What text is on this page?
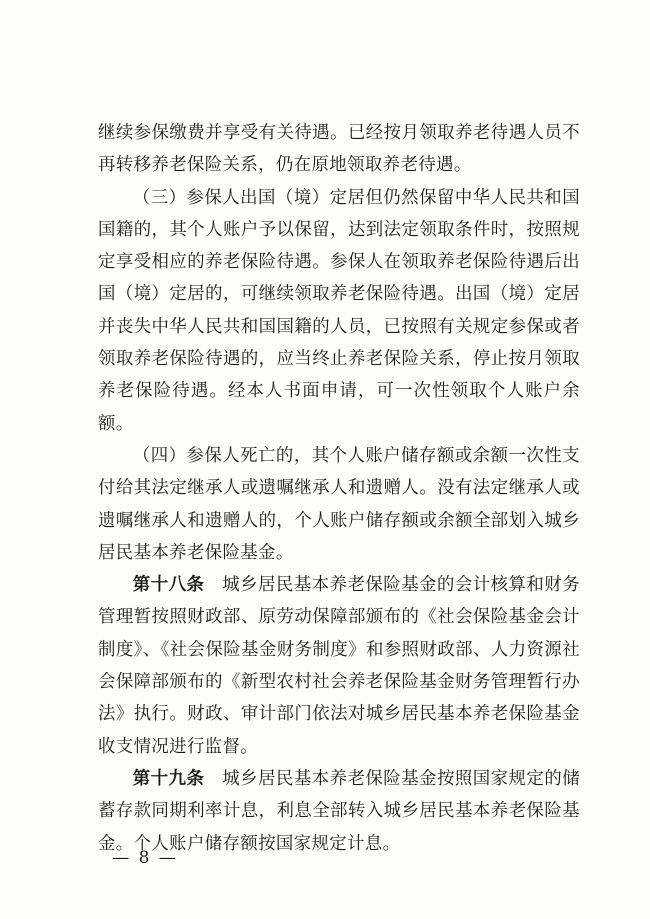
继续参保缴费并享受有关待遇。已经按月领取养老待遇人员不再转移养老保险关系，仍在原地领取养老待遇。

（三）参保人出国（境）定居但仍然保留中华人民共和国国籍的，其个人账户予以保留，达到法定领取条件时，按照规定享受相应的养老保险待遇。参保人在领取养老保险待遇后出国（境）定居的，可继续领取养老保险待遇。出国（境）定居并丧失中华人民共和国国籍的人员，已按照有关规定参保或者领取养老保险待遇的，应当终止养老保险关系，停止按月领取养老保险待遇。经本人书面申请，可一次性领取个人账户余额。

（四）参保人死亡的，其个人账户储存额或余额一次性支付给其法定继承人或遗嘱继承人和遗赠人。没有法定继承人或遗嘱继承人和遗赠人的，个人账户储存额或余额全部划入城乡居民基本养老保险基金。

第十八条　 城乡居民基本养老保险基金的会计核算和财务管理暂按照财政部、原劳动保障部颁布的《社会保险基金会计制度》、《社会保险基金财务制度》和参照财政部、人力资源社会保障部颁布的《新型农村社会养老保险基金财务管理暂行办法》执行。财政、审计部门依法对城乡居民基本养老保险基金收支情况进行监督。

第十九条　 城乡居民基本养老保险基金按照国家规定的储蓄存款同期利率计息，利息全部转入城乡居民基本养老保险基金。个人账户储存额按国家规定计息。

— 8 —
